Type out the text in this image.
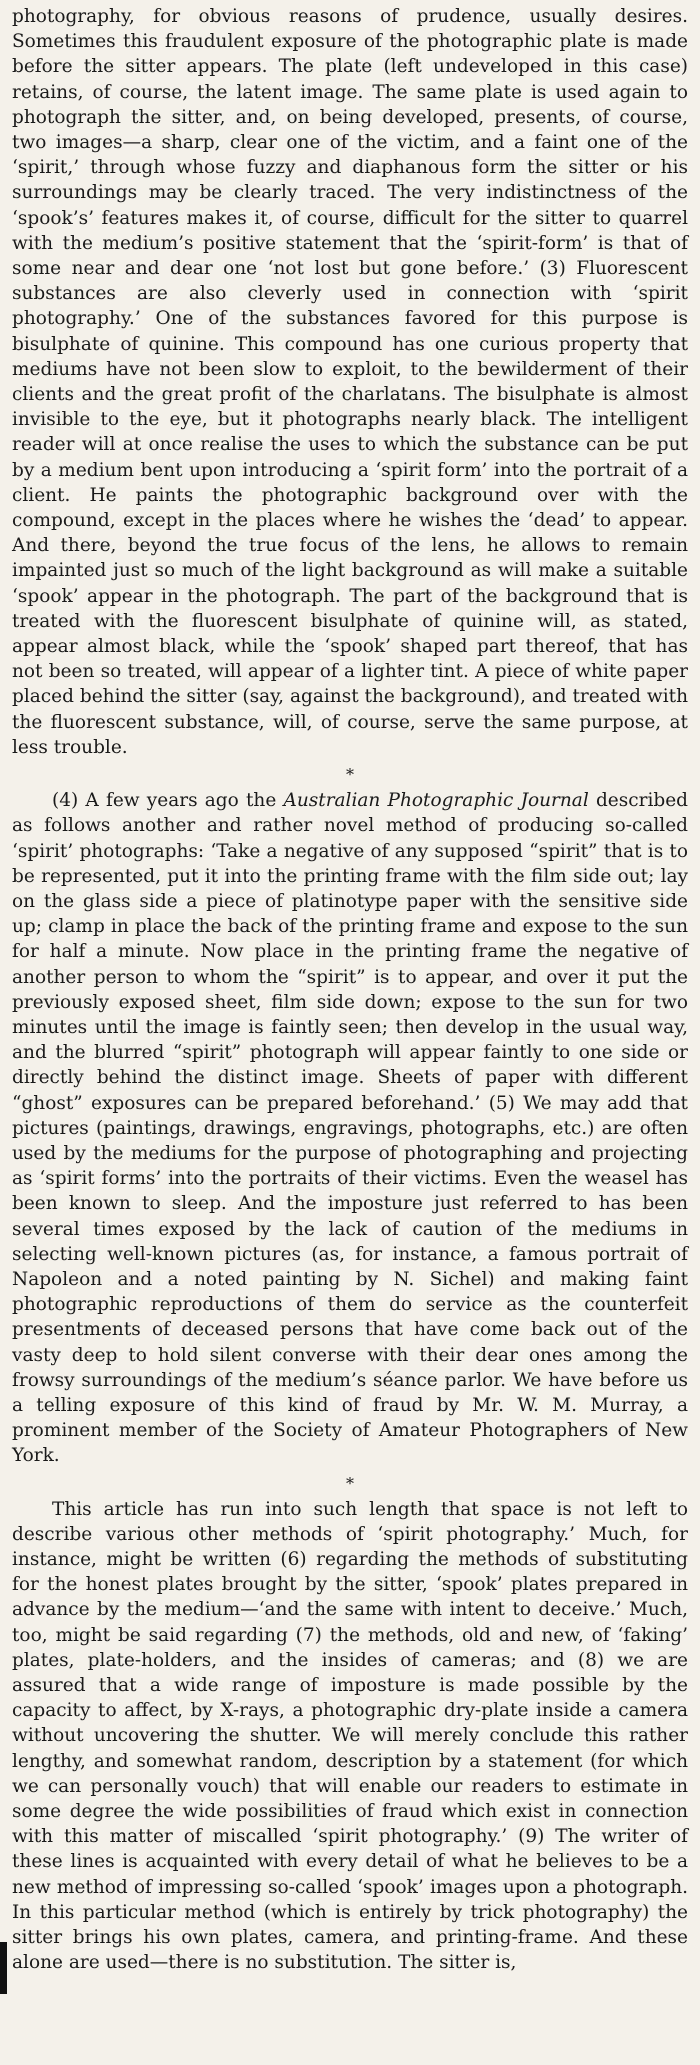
photography, for obvious reasons of prudence, usually desires. Sometimes this fraudulent exposure of the photographic plate is made before the sitter appears. The plate (left undeveloped in this case) retains, of course, the latent image. The same plate is used again to photograph the sitter, and, on being developed, presents, of course, two images—a sharp, clear one of the victim, and a faint one of the ‘spirit,’ through whose fuzzy and diaphanous form the sitter or his surroundings may be clearly traced. The very indistinctness of the ‘spook’s’ features makes it, of course, difficult for the sitter to quarrel with the medium’s positive statement that the ‘spirit-form’ is that of some near and dear one ‘not lost but gone before.’ (3) Fluorescent substances are also cleverly used in connection with ‘spirit photography.’ One of the substances favored for this purpose is bisulphate of quinine. This compound has one curious property that mediums have not been slow to exploit, to the bewilderment of their clients and the great profit of the charlatans. The bisulphate is almost invisible to the eye, but it photographs nearly black. The intelligent reader will at once realise the uses to which the substance can be put by a medium bent upon introducing a ‘spirit form’ into the portrait of a client. He paints the photographic background over with the compound, except in the places where he wishes the ‘dead’ to appear. And there, beyond the true focus of the lens, he allows to remain impainted just so much of the light background as will make a suitable ‘spook’ appear in the photograph. The part of the background that is treated with the fluorescent bisulphate of quinine will, as stated, appear almost black, while the ‘spook’ shaped part thereof, that has not been so treated, will appear of a lighter tint. A piece of white paper placed behind the sitter (say, against the background), and treated with the fluorescent substance, will, of course, serve the same purpose, at less trouble.

*

(4) A few years ago the Australian Photographic Journal described as follows another and rather novel method of producing so-called ‘spirit’ photographs: ‘Take a negative of any supposed “spirit” that is to be represented, put it into the printing frame with the film side out; lay on the glass side a piece of platinotype paper with the sensitive side up; clamp in place the back of the printing frame and expose to the sun for half a minute. Now place in the printing frame the negative of another person to whom the “spirit” is to appear, and over it put the previously exposed sheet, film side down; expose to the sun for two minutes until the image is faintly seen; then develop in the usual way, and the blurred “spirit” photograph will appear faintly to one side or directly behind the distinct image. Sheets of paper with different “ghost” exposures can be prepared beforehand.’ (5) We may add that pictures (paintings, drawings, engravings, photographs, etc.) are often used by the mediums for the purpose of photographing and projecting as ‘spirit forms’ into the portraits of their victims. Even the weasel has been known to sleep. And the imposture just referred to has been several times exposed by the lack of caution of the mediums in selecting well-known pictures (as, for instance, a famous portrait of Napoleon and a noted painting by N. Sichel) and making faint photographic reproductions of them do service as the counterfeit presentments of deceased persons that have come back out of the vasty deep to hold silent converse with their dear ones among the frowsy surroundings of the medium’s séance parlor. We have before us a telling exposure of this kind of fraud by Mr. W. M. Murray, a prominent member of the Society of Amateur Photographers of New York.

*

This article has run into such length that space is not left to describe various other methods of ‘spirit photography.’ Much, for instance, might be written (6) regarding the methods of substituting for the honest plates brought by the sitter, ‘spook’ plates prepared in advance by the medium—‘and the same with intent to deceive.’ Much, too, might be said regarding (7) the methods, old and new, of ‘faking’ plates, plate-holders, and the insides of cameras; and (8) we are assured that a wide range of imposture is made possible by the capacity to affect, by X-rays, a photographic dry-plate inside a camera without uncovering the shutter. We will merely conclude this rather lengthy, and somewhat random, description by a statement (for which we can personally vouch) that will enable our readers to estimate in some degree the wide possibilities of fraud which exist in connection with this matter of miscalled ‘spirit photography.’ (9) The writer of these lines is acquainted with every detail of what he believes to be a new method of impressing so-called ‘spook’ images upon a photograph. In this particular method (which is entirely by trick photography) the sitter brings his own plates, camera, and printing-frame. And these alone are used—there is no substitution. The sitter is,
